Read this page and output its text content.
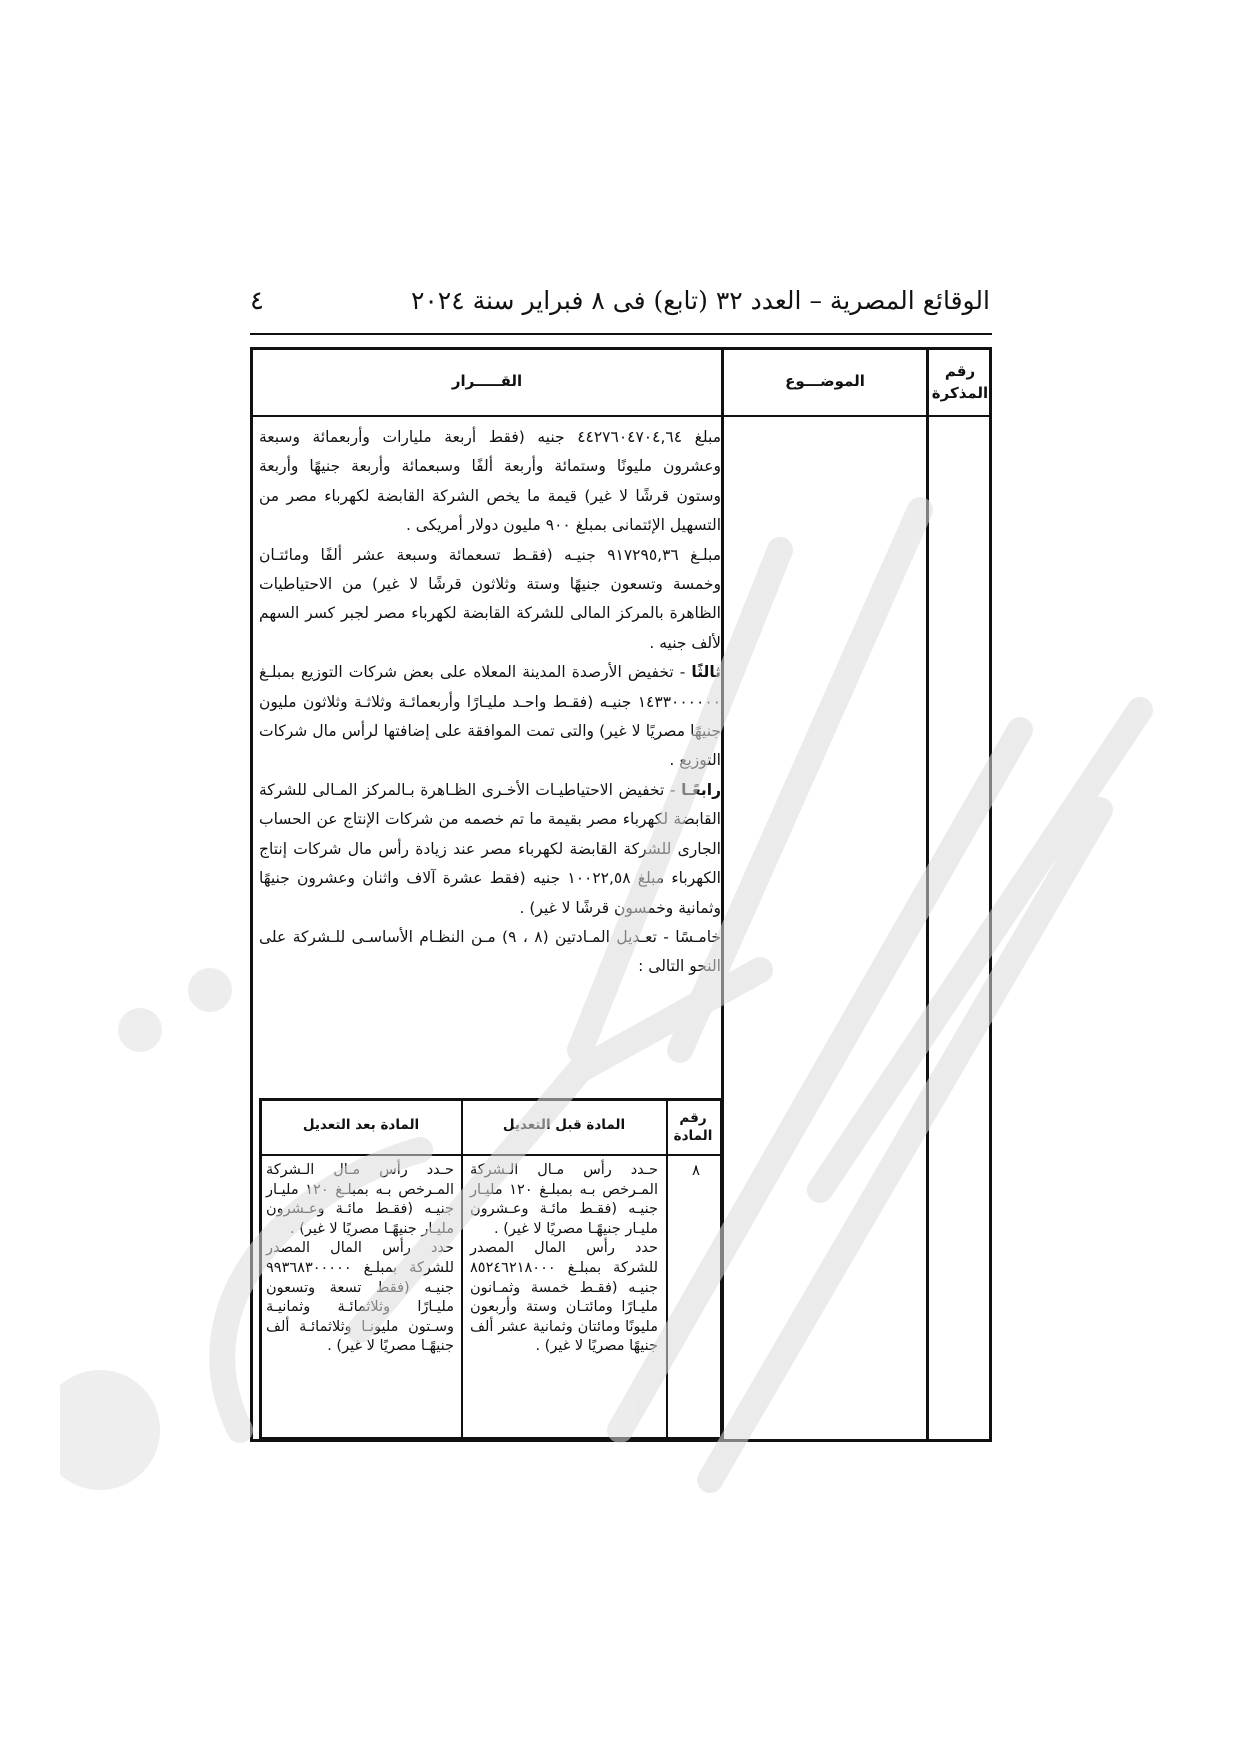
٤	الوقائع المصرية – العدد ٣٢ (تابع) فى ٨ فبراير سنة ٢٠٢٤
رقم المذكرة
الموضـــوع
القـــــرار

مبلغ ٤٤٢٧٦٠٤٧٠٤,٦٤ جنيه (فقط أربعة مليارات وأربعمائة وسبعة وعشرون مليونًا وستمائة وأربعة ألفًا وسبعمائة وأربعة جنيهًا وأربعة وستون قرشًا لا غير) قيمة ما يخص الشركة القابضة لكهرباء مصر من التسهيل الإئتمانى بمبلغ ٩٠٠ مليون دولار أمريكى .

مبلـغ ٩١٧٢٩٥,٣٦ جنيـه (فقـط تسعمائة وسبعة عشر ألفًا ومائتـان وخمسة وتسعون جنيهًا وستة وثلاثون قرشًا لا غير) من الاحتياطيات الظاهرة بالمركز المالى للشركة القابضة لكهرباء مصر لجبر كسر السهم لألف جنيه .

ثالثًا - تخفيض الأرصدة المدينة المعلاه على بعض شركات التوزيع بمبلـغ ١٤٣٣٠٠٠٠٠٠ جنيـه (فقـط واحـد مليـارًا وأربعمائـة وثلاثـة وثلاثون مليون جنيهًا مصريًا لا غير) والتى تمت الموافقة على إضافتها لرأس مال شركات التوزيع .

رابعًـا - تخفيض الاحتياطيـات الأخـرى الظـاهرة بـالمركز المـالى للشركة القابضة لكهرباء مصر بقيمة ما تم خصمه من شركات الإنتاج عن الحساب الجارى للشركة القابضة لكهرباء مصر عند زيادة رأس مال شركات إنتاج الكهرباء مبلغ ١٠٠٢٢,٥٨ جنيه (فقط عشرة آلاف واثنان وعشرون جنيهًا وثمانية وخمسون قرشًا لا غير) .

خامـسًا - تعـديل المـادتين (٨ ، ٩) مـن النظـام الأساسـى للـشركة على النحو التالى :

رقم المادة
المادة قبل التعديل
المادة بعد التعديل
٨

حـدد رأس مـال الـشركة المـرخص بـه بمبلـغ ١٢٠ مليـار جنيـه (فقـط مائـة وعـشرون مليـار جنيهًـا مصريًا لا غير) .

حدد رأس المال المصدر للشركة بمبلـغ ٨٥٢٤٦٢١٨٠٠٠ جنيـه (فقـط خمسة وثمـانون مليـارًا ومائتـان وستة وأربعون مليونًا ومائتان وثمانية عشر ألف جنيهًا مصريًا لا غير) .

حـدد رأس مـال الـشركة المـرخص بـه بمبلـغ ١٢٠ مليـار جنيـه (فقـط مائـة وعـشرون مليـار جنيهًـا مصريًا لا غير) .

حدد رأس المال المصدر للشركة بمبلـغ ٩٩٣٦٨٣٠٠٠٠٠ جنيـه (فقط تسعة وتسعون مليـارًا وثلاثمائـة وثمانيـة وسـتون مليونـا وثلاثمائـة ألف جنيهًـا مصريًا لا غير) .
